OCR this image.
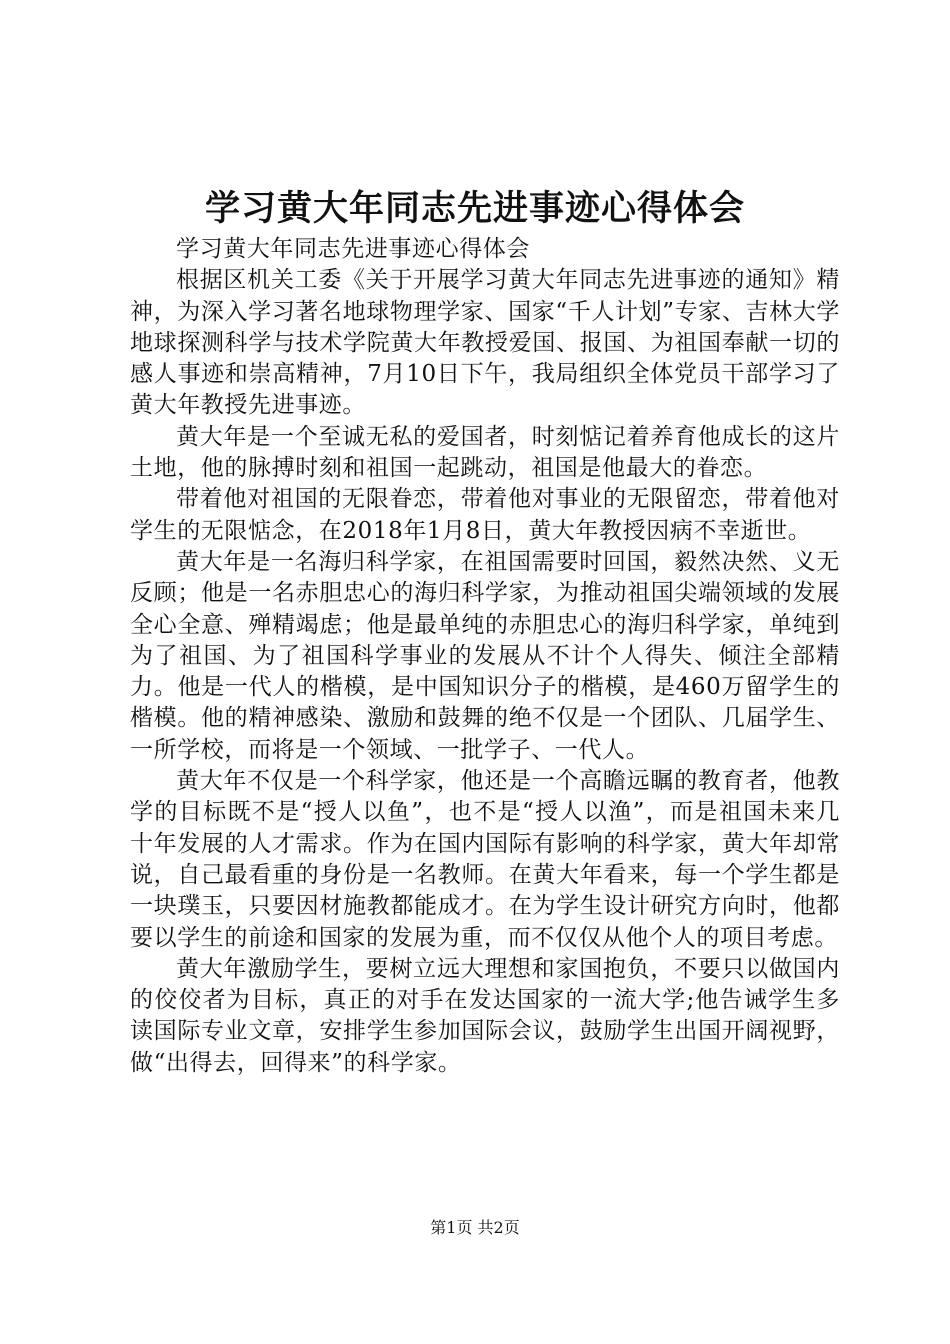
学习黄大年同志先进事迹心得体会

学习黄大年同志先进事迹心得体会

根据区机关工委《关于开展学习黄大年同志先进事迹的通知》精神，为深入学习著名地球物理学家、国家“千人计划”专家、吉林大学地球探测科学与技术学院黄大年教授爱国、报国、为祖国奉献一切的感人事迹和崇高精神，7月10日下午，我局组织全体党员干部学习了黄大年教授先进事迹。

黄大年是一个至诚无私的爱国者，时刻惦记着养育他成长的这片土地，他的脉搏时刻和祖国一起跳动，祖国是他最大的眷恋。

带着他对祖国的无限眷恋，带着他对事业的无限留恋，带着他对学生的无限惦念，在2018年1月8日，黄大年教授因病不幸逝世。

黄大年是一名海归科学家，在祖国需要时回国，毅然决然、义无反顾；他是一名赤胆忠心的海归科学家，为推动祖国尖端领域的发展全心全意、殚精竭虑；他是最单纯的赤胆忠心的海归科学家，单纯到为了祖国、为了祖国科学事业的发展从不计个人得失、倾注全部精力。他是一代人的楷模，是中国知识分子的楷模，是460万留学生的楷模。他的精神感染、激励和鼓舞的绝不仅是一个团队、几届学生、一所学校，而将是一个领域、一批学子、一代人。

黄大年不仅是一个科学家，他还是一个高瞻远瞩的教育者，他教学的目标既不是“授人以鱼”，也不是“授人以渔”，而是祖国未来几十年发展的人才需求。作为在国内国际有影响的科学家，黄大年却常说，自己最看重的身份是一名教师。在黄大年看来，每一个学生都是一块璞玉，只要因材施教都能成才。在为学生设计研究方向时，他都要以学生的前途和国家的发展为重，而不仅仅从他个人的项目考虑。

黄大年激励学生，要树立远大理想和家国抱负，不要只以做国内的佼佼者为目标，真正的对手在发达国家的一流大学;他告诫学生多读国际专业文章，安排学生参加国际会议，鼓励学生出国开阔视野，做“出得去，回得来”的科学家。

第1页 共2页
